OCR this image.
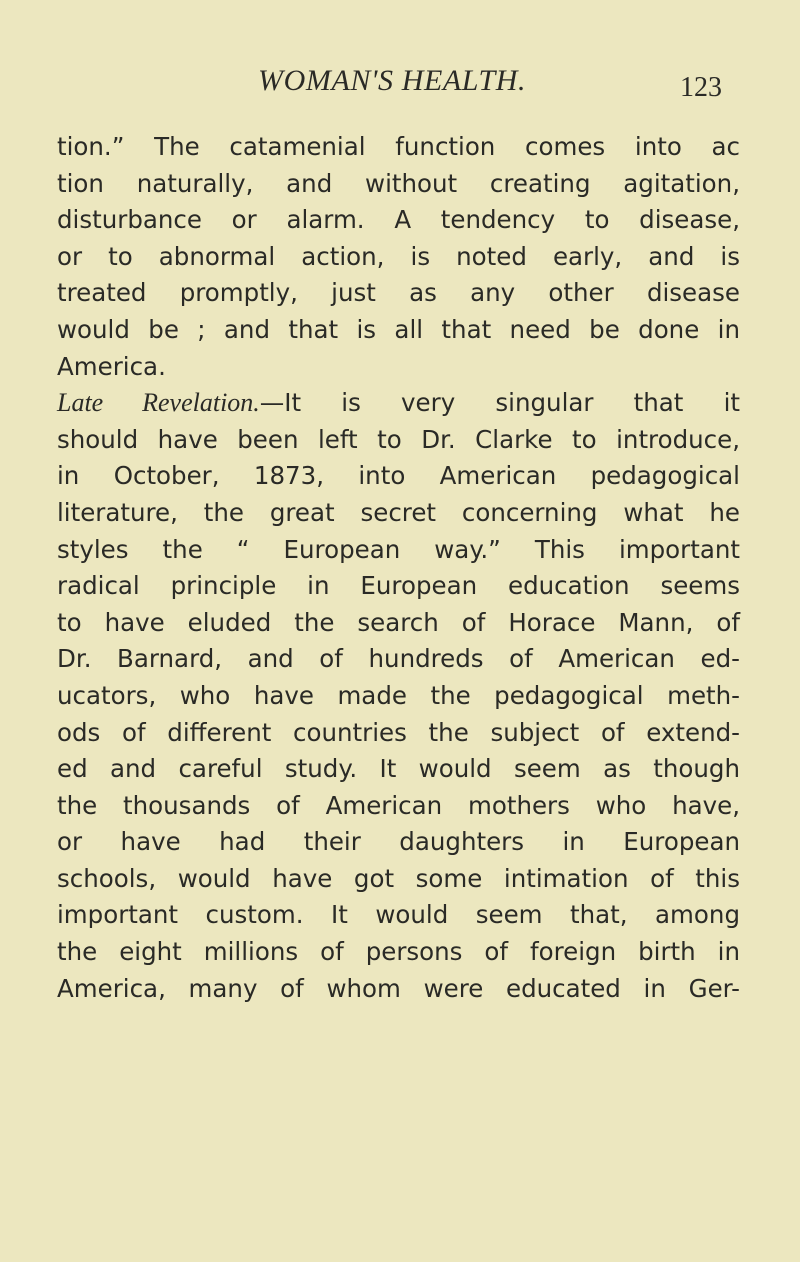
WOMAN'S HEALTH.	123
tion.” The catamenial function comes into ac
tion naturally, and without creating agitation,
disturbance or alarm. A tendency to disease,
or to abnormal action, is noted early, and is
treated promptly, just as any other disease
would be ; and that is all that need be done in
America.
Late Revelation.—It is very singular that it
should have been left to Dr. Clarke to introduce,
in October, 1873, into American pedagogical
literature, the great secret concerning what he
styles the “ European way.” This important
radical principle in European education seems
to have eluded the search of Horace Mann, of
Dr. Barnard, and of hundreds of American ed-
ucators, who have made the pedagogical meth-
ods of different countries the subject of extend-
ed and careful study. It would seem as though
the thousands of American mothers who have,
or have had their daughters in European
schools, would have got some intimation of this
important custom. It would seem that, among
the eight millions of persons of foreign birth in
America, many of whom were educated in Ger-
